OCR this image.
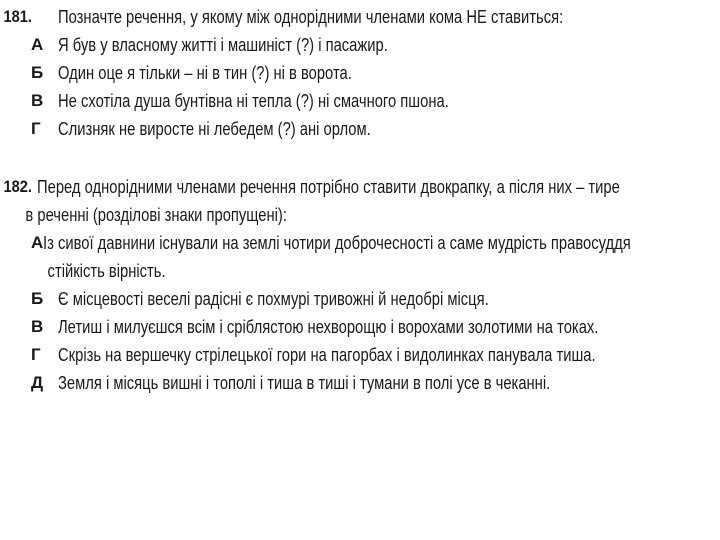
181.	Позначте речення, у якому між однорідними членами кома НЕ ставиться:
А Я був у власному житті і машиніст (?) і пасажир.
Б Один оце я тільки – ні в тин (?) ні в ворота.
В Не схотіла душа бунтівна ні тепла (?) ні смачного пшона.
Г Слизняк не виросте ні лебедем (?) ані орлом.
182. Перед однорідними членами речення потрібно ставити двокрапку, а після них – тире
в реченні (розділові знаки пропущені):
А Із сивої давнини існували на землі чотири доброчесності а саме мудрість правосуддя
стійкість вірність.
Б Є місцевості веселі радісні є похмурі тривожні й недобрі місця.
В Летиш і милуєшся всім і сріблястою нехворощю і ворохами золотими на токах.
Г Скрізь на вершечку стрілецької гори на пагорбах і видолинках панувала тиша.
Д Земля і місяць вишні і тополі і тиша в тиші і тумани в полі усе в чеканні.
